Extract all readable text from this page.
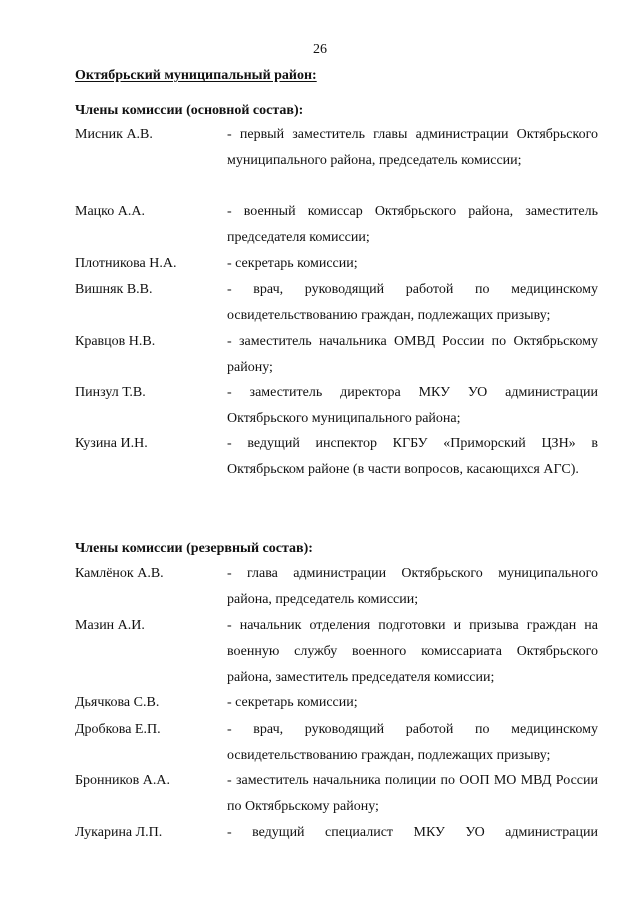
26
Октябрьский муниципальный район:
Члены комиссии (основной состав):
Мисник А.В.	- первый заместитель главы администрации Октябрьского муниципального района, председатель комиссии;
Мацко А.А.	- военный комиссар Октябрьского района, заместитель председателя комиссии;
Плотникова Н.А.	- секретарь комиссии;
Вишняк В.В.	- врач, руководящий работой по медицинскому освидетельствованию граждан, подлежащих призыву;
Кравцов Н.В.	- заместитель начальника ОМВД России по Октябрьскому району;
Пинзул Т.В.	- заместитель директора МКУ УО администрации Октябрьского муниципального района;
Кузина И.Н.	- ведущий инспектор КГБУ «Приморский ЦЗН» в Октябрьском районе (в части вопросов, касающихся АГС).
Члены комиссии (резервный состав):
Камлёнок А.В.	- глава администрации Октябрьского муниципального района, председатель комиссии;
Мазин А.И.	- начальник отделения подготовки и призыва граждан на военную службу военного комиссариата Октябрьского района, заместитель председателя комиссии;
Дьячкова С.В.	- секретарь комиссии;
Дробкова Е.П.	- врач, руководящий работой по медицинскому освидетельствованию граждан, подлежащих призыву;
Бронников А.А.	- заместитель начальника полиции по ООП МО МВД России по Октябрьскому району;
Лукарина Л.П.	- ведущий специалист МКУ УО администрации
